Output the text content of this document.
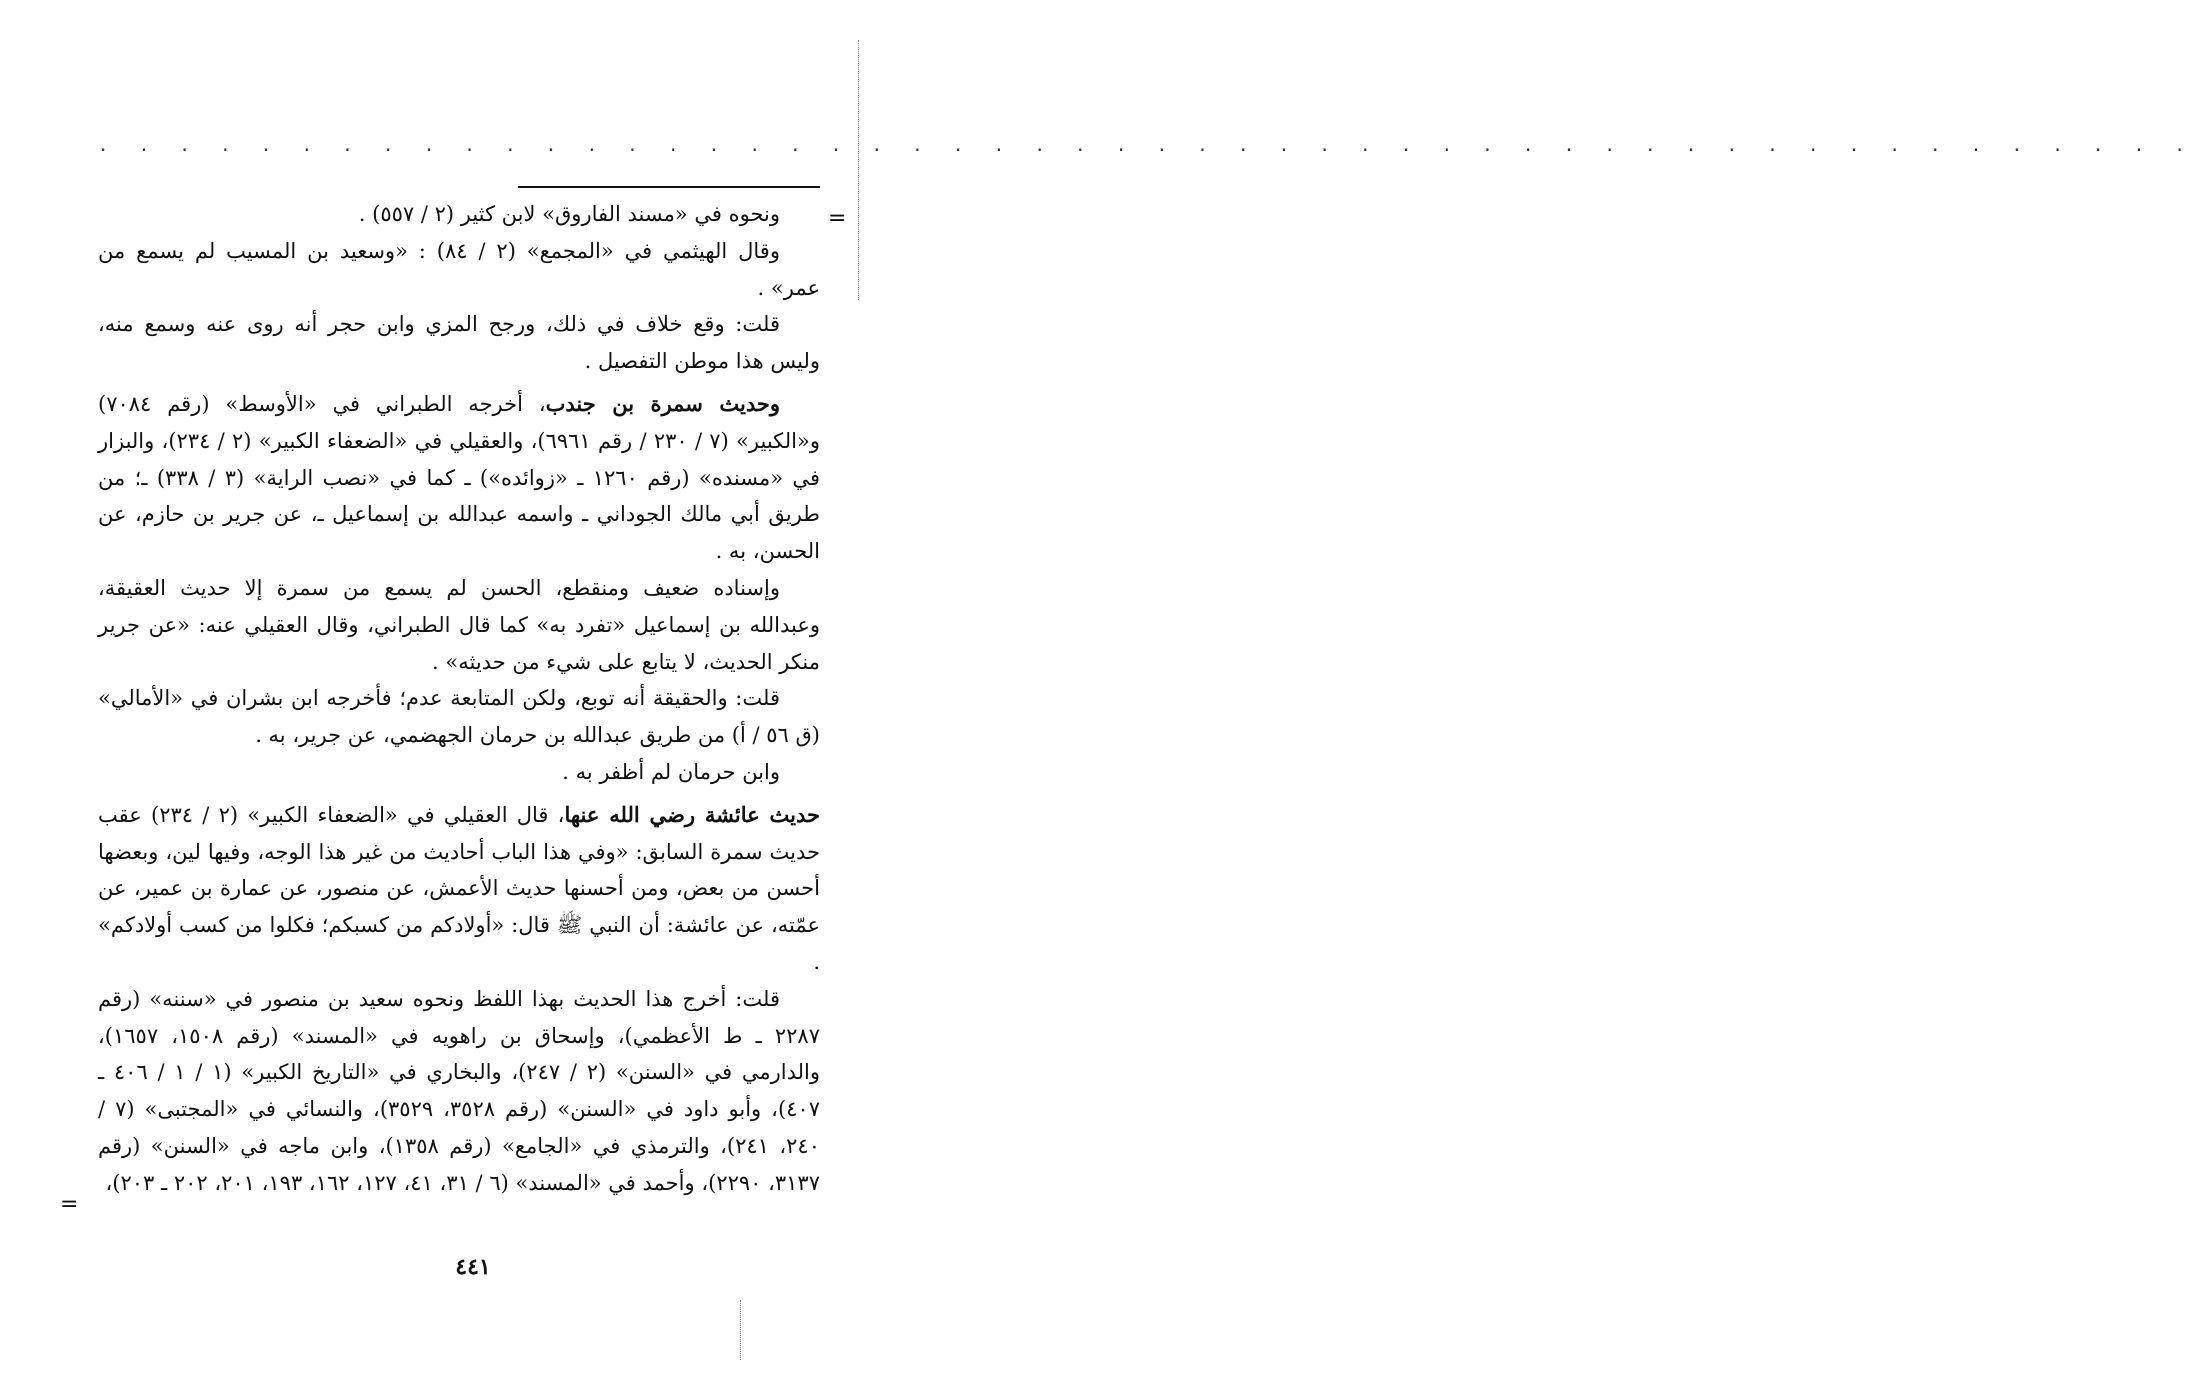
. . . . . . . . . . . . . . . . . . . . . . . . . . . . . . . . . . . . . . . . . . . . . . . . . . . .
=

ونحوه في «مسند الفاروق» لابن كثير (٢ / ٥٥٧) .

وقال الهيثمي في «المجمع» (٢ / ٨٤) : «وسعيد بن المسيب لم يسمع من عمر» .

قلت: وقع خلاف في ذلك، ورجح المزي وابن حجر أنه روى عنه وسمع منه، وليس هذا موطن التفصيل .

وحديث سمرة بن جندب، أخرجه الطبراني في «الأوسط» (رقم ٧٠٨٤) و«الكبير» (٧ / ٢٣٠ / رقم ٦٩٦١)، والعقيلي في «الضعفاء الكبير» (٢ / ٢٣٤)، والبزار في «مسنده» (رقم ١٢٦٠ ـ «زوائده») ـ كما في «نصب الراية» (٣ / ٣٣٨) ـ؛ من طريق أبي مالك الجوداني ـ واسمه عبدالله بن إسماعيل ـ، عن جرير بن حازم، عن الحسن، به .

وإسناده ضعيف ومنقطع، الحسن لم يسمع من سمرة إلا حديث العقيقة، وعبدالله بن إسماعيل «تفرد به» كما قال الطبراني، وقال العقيلي عنه: «عن جرير منكر الحديث، لا يتابع على شيء من حديثه» .

قلت: والحقيقة أنه توبع، ولكن المتابعة عدم؛ فأخرجه ابن بشران في «الأمالي» (ق ٥٦ / أ) من طريق عبدالله بن حرمان الجهضمي، عن جرير، به .

وابن حرمان لم أظفر به .

حديث عائشة رضي الله عنها، قال العقيلي في «الضعفاء الكبير» (٢ / ٢٣٤) عقب حديث سمرة السابق: «وفي هذا الباب أحاديث من غير هذا الوجه، وفيها لين، وبعضها أحسن من بعض، ومن أحسنها حديث الأعمش، عن منصور، عن عمارة بن عمير، عن عمّته، عن عائشة: أن النبي ﷺ قال: «أولادكم من كسبكم؛ فكلوا من كسب أولادكم» .

قلت: أخرج هذا الحديث بهذا اللفظ ونحوه سعيد بن منصور في «سننه» (رقم ٢٢٨٧ ـ ط الأعظمي)، وإسحاق بن راهويه في «المسند» (رقم ١٥٠٨، ١٦٥٧)، والدارمي في «السنن» (٢ / ٢٤٧)، والبخاري في «التاريخ الكبير» (١ / ١ / ٤٠٦ ـ ٤٠٧)، وأبو داود في «السنن» (رقم ٣٥٢٨، ٣٥٢٩)، والنسائي في «المجتبى» (٧ / ٢٤٠، ٢٤١)، والترمذي في «الجامع» (رقم ١٣٥٨)، وابن ماجه في «السنن» (رقم ٣١٣٧، ٢٢٩٠)، وأحمد في «المسند» (٦ / ٣١، ٤١، ١٢٧، ١٦٢، ١٩٣، ٢٠١، ٢٠٢ ـ ٢٠٣)،

=
٤٤١
